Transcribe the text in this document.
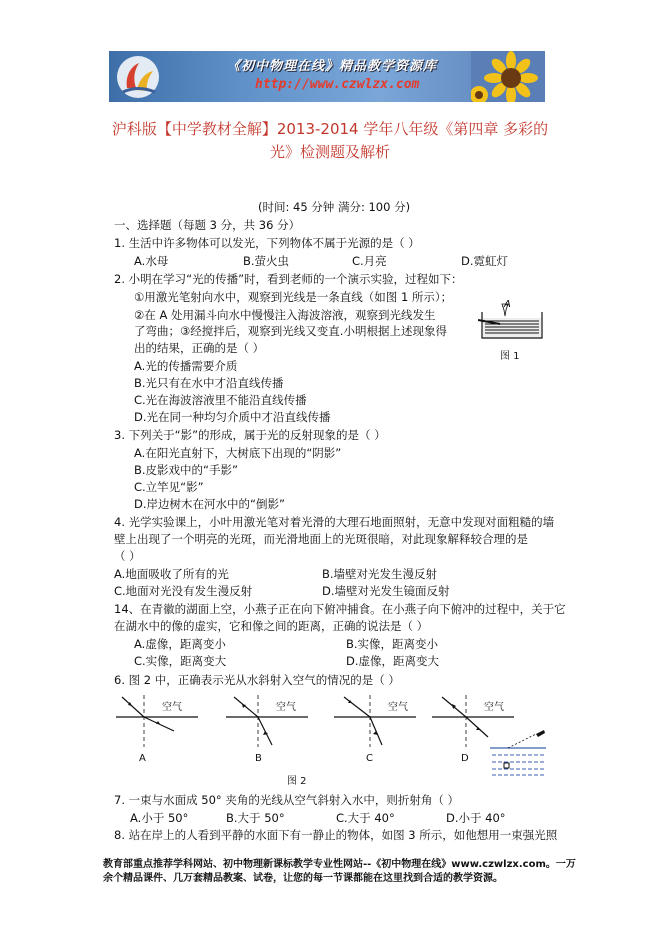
《初中物理在线》精品教学资源库
http://www.czwlzx.com
沪科版【中学教材全解】2013-2014 学年八年级《第四章 多彩的
光》检测题及解析
(时间: 45 分钟 满分: 100 分)
一、选择题（每题 3 分，共 36 分）
1. 生活中许多物体可以发光，下列物体不属于光源的是（ ）
A.水母	B.萤火虫	C.月亮	D.霓虹灯
2. 小明在学习“光的传播”时，看到老师的一个演示实验，过程如下：
①用激光笔射向水中，观察到光线是一条直线（如图 1 所示）；
②在 A 处用漏斗向水中慢慢注入海波溶液，观察到光线发生
了弯曲；③经搅拌后，观察到光线又变直.小明根据上述现象得
出的结果，正确的是（ ）
A.光的传播需要介质
B.光只有在水中才沿直线传播
C.光在海波溶液里不能沿直线传播
D.光在同一种均匀介质中才沿直线传播
A
图 1
3. 下列关于“影”的形成，属于光的反射现象的是（ ）
A.在阳光直射下，大树底下出现的“阴影”
B.皮影戏中的“手影”
C.立竿见“影”
D.岸边树木在河水中的“倒影”
4. 光学实验课上，小叶用激光笔对着光滑的大理石地面照射，无意中发现对面粗糙的墙
壁上出现了一个明亮的光斑，而光滑地面上的光斑很暗，对此现象解释较合理的是
（ ）
A.地面吸收了所有的光	B.墙壁对光发生漫反射
C.地面对光没有发生漫反射	D.墙壁对光发生镜面反射
14、在青徽的湖面上空，小燕子正在向下俯冲捕食。在小燕子向下俯冲的过程中，关于它
在湖水中的像的虚实，它和像之间的距离，正确的说法是（ ）
A.虚像，距离变小	B.实像，距离变小
C.实像，距离变大	D.虚像，距离变大
6. 图 2 中，正确表示光从水斜射入空气的情况的是（ ）
空气	空气	空气	空气
A	B	C	D
图 2
7. 一束与水面成 50° 夹角的光线从空气斜射入水中，则折射角（ ）
A.小于 50°	B.大于 50°	C.大于 40°	D.小于 40°
8. 站在岸上的人看到平静的水面下有一静止的物体，如图 3 所示，如他想用一束强光照
教育部重点推荐学科网站、初中物理新课标教学专业性网站--《初中物理在线》www.czwlzx.com。一万
余个精品课件、几万套精品教案、试卷，让您的每一节课都能在这里找到合适的教学资源。
